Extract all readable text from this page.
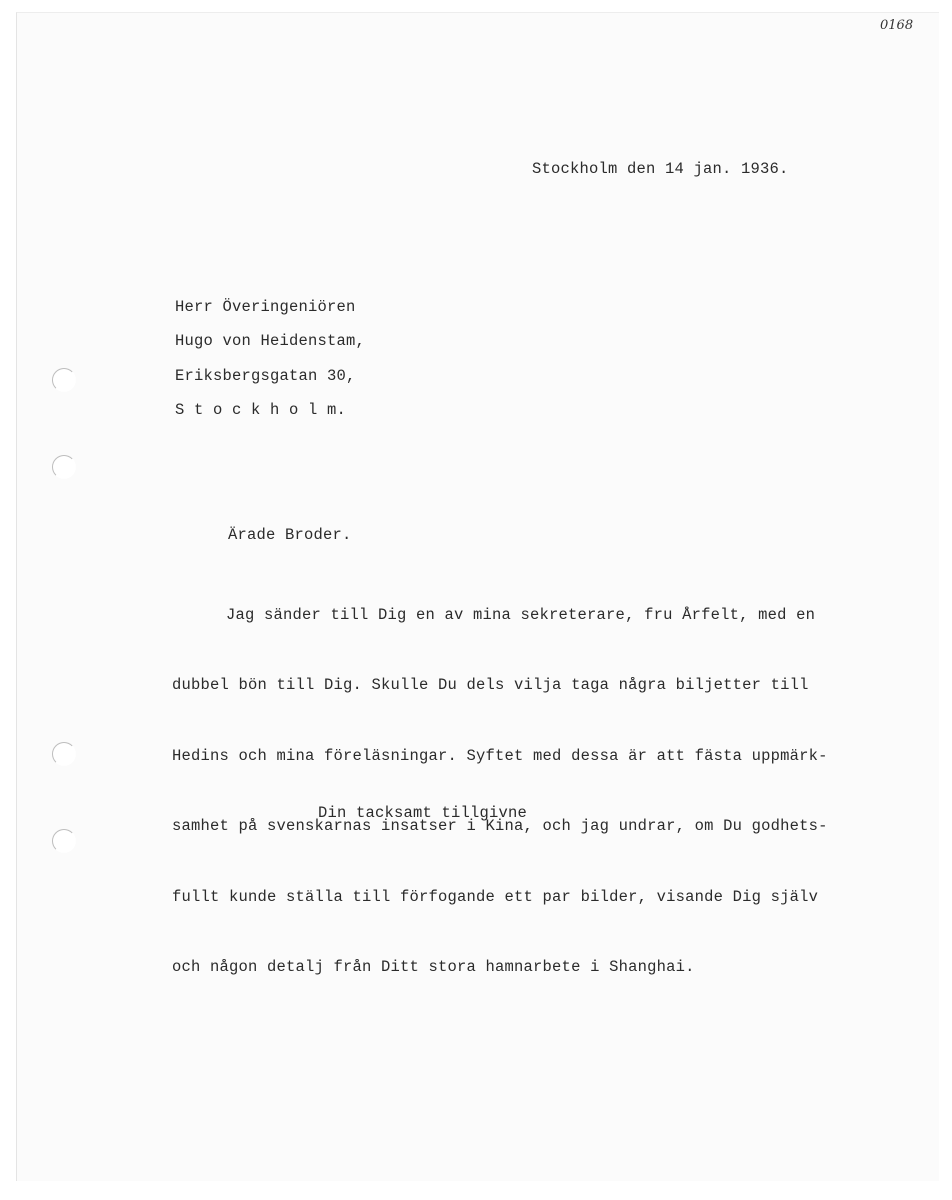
0168
Stockholm den 14 jan. 1936.
Herr Överingeniören
Hugo von Heidenstam,
Eriksbergsgatan 30,
S t o c k h o l m.
Ärade Broder.

Jag sänder till Dig en av mina sekreterare, fru Årfelt, med en

dubbel bön till Dig. Skulle Du dels vilja taga några biljetter till

Hedins och mina föreläsningar. Syftet med dessa är att fästa uppmärk-

samhet på svenskarnas insatser i Kina, och jag undrar, om Du godhets-

fullt kunde ställa till förfogande ett par bilder, visande Dig själv

och någon detalj från Ditt stora hamnarbete i Shanghai.

Din tacksamt tillgivne
